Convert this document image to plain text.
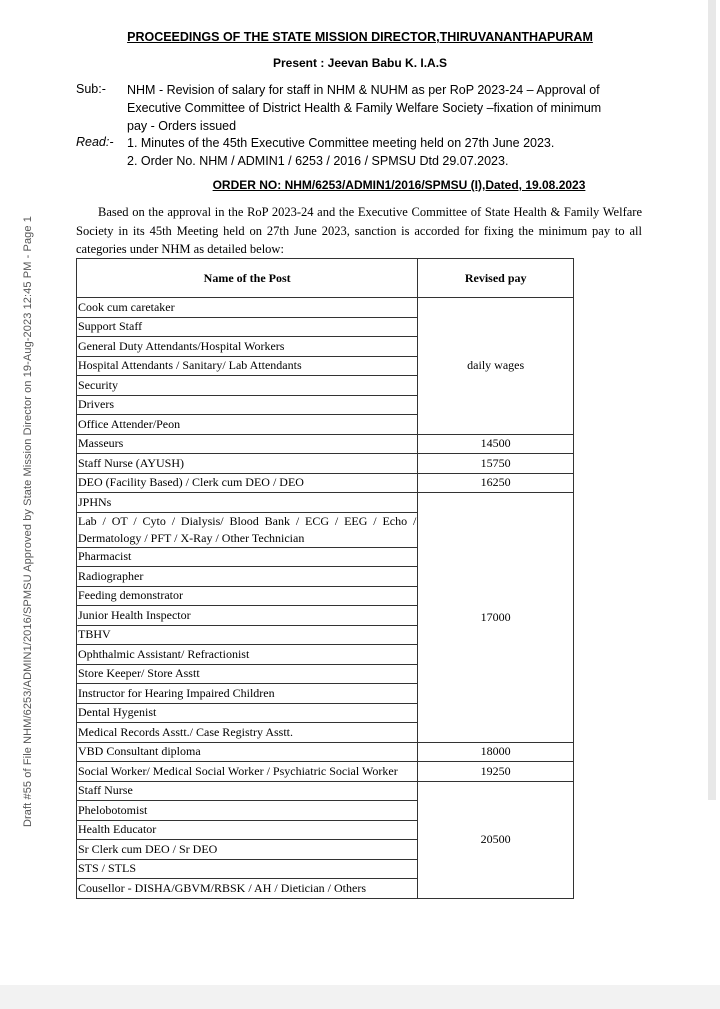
Draft #55 of File NHM/6253/ADMIN1/2016/SPMSU Approved by State Mission Director on 19-Aug-2023 12:45 PM - Page 1
PROCEEDINGS OF THE STATE MISSION DIRECTOR,THIRUVANANTHAPURAM
Present : Jeevan Babu K. I.A.S
Sub:- NHM - Revision of salary for staff in NHM & NUHM as per RoP 2023-24 – Approval of
Executive Committee of District Health & Family Welfare Society –fixation of minimum
pay - Orders issued
Read:- 1. Minutes of the 45th Executive Committee meeting held on 27th June 2023.
2. Order No. NHM / ADMIN1 / 6253 / 2016 / SPMSU Dtd 29.07.2023.
ORDER NO: NHM/6253/ADMIN1/2016/SPMSU (I),Dated, 19.08.2023
Based on the approval in the RoP 2023-24 and the Executive Committee of State Health & Family Welfare Society in its 45th Meeting held on 27th June 2023, sanction is accorded for fixing the minimum pay to all categories under NHM as detailed below:
Name of the Post	Revised pay
Cook cum caretaker	daily wages
Support Staff	
General Duty Attendants/Hospital Workers	
Hospital Attendants / Sanitary/ Lab Attendants	
Security	
Drivers	
Office Attender/Peon	
Masseurs	14500
Staff Nurse (AYUSH)	15750
DEO (Facility Based) / Clerk cum DEO / DEO	16250
JPHNs	17000
Lab / OT / Cyto / Dialysis/ Blood Bank / ECG / EEG / Echo / Dermatology / PFT / X-Ray / Other Technician	
Pharmacist	
Radiographer	
Feeding demonstrator	
Junior Health Inspector	
TBHV	
Ophthalmic Assistant/ Refractionist	
Store Keeper/ Store Asstt	
Instructor for Hearing Impaired Children	
Dental Hygenist	
Medical Records Asstt./ Case Registry Asstt.	
VBD Consultant diploma	18000
Social Worker/ Medical Social Worker / Psychiatric Social Worker	19250
Staff Nurse	20500
Phelobotomist	
Health Educator	
Sr Clerk cum DEO / Sr DEO	
STS / STLS	
Cousellor - DISHA/GBVM/RBSK / AH / Dietician / Others	
